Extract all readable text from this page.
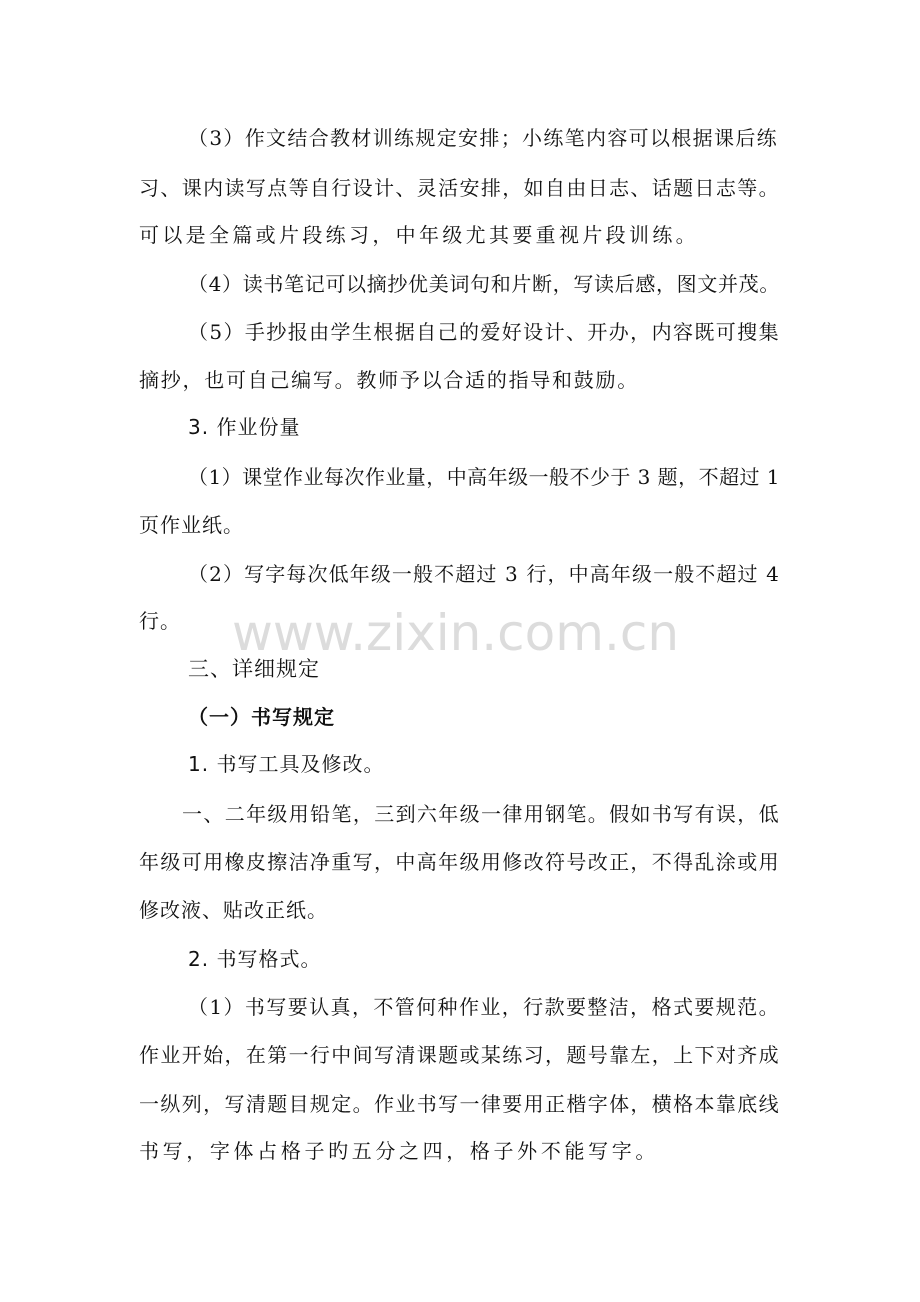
（3）作文结合教材训练规定安排；小练笔内容可以根据课后练
习、课内读写点等自行设计、灵活安排，如自由日志、话题日志等。
可以是全篇或片段练习，中年级尤其要重视片段训练。
（4）读书笔记可以摘抄优美词句和片断，写读后感，图文并茂。
（5）手抄报由学生根据自己的爱好设计、开办，内容既可搜集
摘抄，也可自己编写。教师予以合适的指导和鼓励。
3. 作业份量
（1）课堂作业每次作业量，中高年级一般不少于 3 题，不超过 1
页作业纸。
（2）写字每次低年级一般不超过 3 行，中高年级一般不超过 4
行。
三、详细规定
（一）书写规定
1. 书写工具及修改。
一、二年级用铅笔，三到六年级一律用钢笔。假如书写有误，低
年级可用橡皮擦洁净重写，中高年级用修改符号改正，不得乱涂或用
修改液、贴改正纸。
2. 书写格式。
（1）书写要认真，不管何种作业，行款要整洁，格式要规范。
作业开始，在第一行中间写清课题或某练习，题号靠左，上下对齐成
一纵列，写清题目规定。作业书写一律要用正楷字体，横格本靠底线
书写，字体占格子旳五分之四，格子外不能写字。
www.zixin.com.cn
